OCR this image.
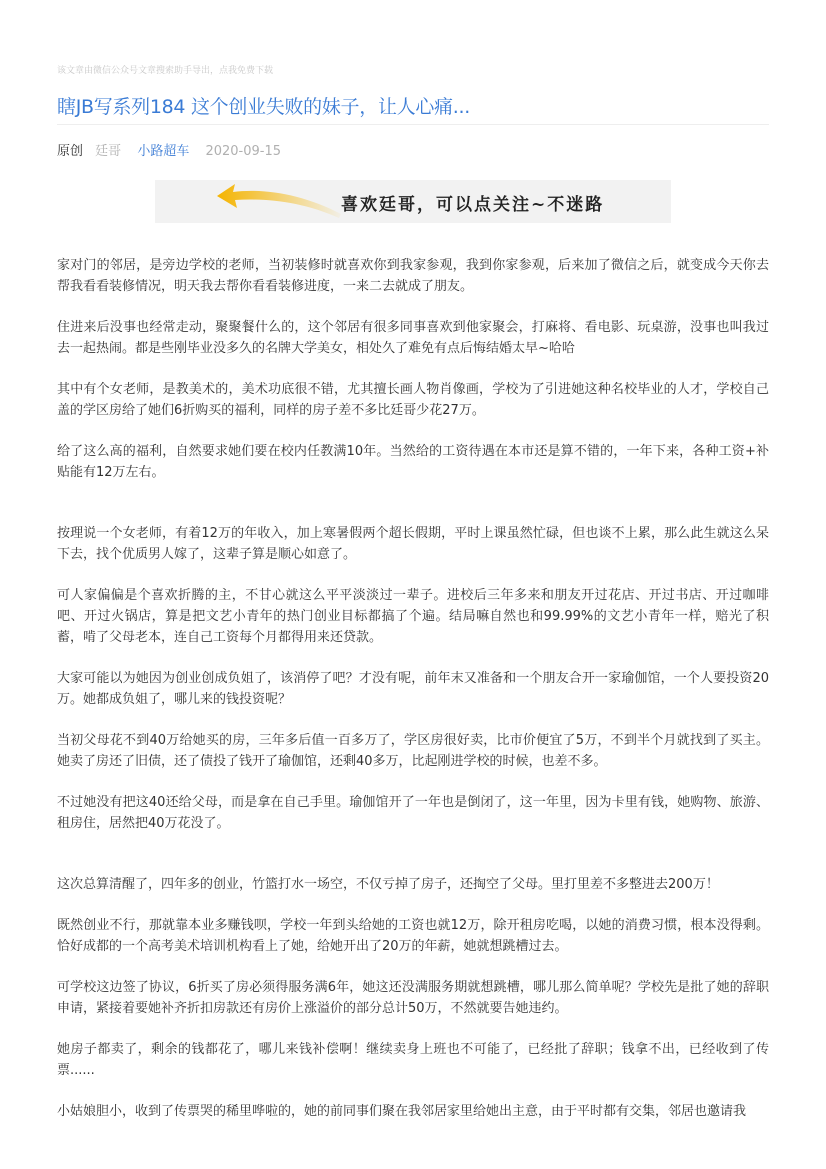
该文章由微信公众号文章搜索助手导出，点我免费下载
瞎JB写系列184 这个创业失败的妹子，让人心痛...
原创 廷哥 小路超车 2020-09-15
喜欢廷哥，可以点关注~不迷路

家对门的邻居，是旁边学校的老师，当初装修时就喜欢你到我家参观，我到你家参观，后来加了微信之后，就变成今天你去帮我看看装修情况，明天我去帮你看看装修进度，一来二去就成了朋友。

住进来后没事也经常走动，聚聚餐什么的，这个邻居有很多同事喜欢到他家聚会，打麻将、看电影、玩桌游，没事也叫我过去一起热闹。都是些刚毕业没多久的名牌大学美女，相处久了难免有点后悔结婚太早~哈哈

其中有个女老师，是教美术的，美术功底很不错，尤其擅长画人物肖像画，学校为了引进她这种名校毕业的人才，学校自己盖的学区房给了她们6折购买的福利，同样的房子差不多比廷哥少花27万。

给了这么高的福利，自然要求她们要在校内任教满10年。当然给的工资待遇在本市还是算不错的，一年下来，各种工资+补贴能有12万左右。

按理说一个女老师，有着12万的年收入，加上寒暑假两个超长假期，平时上课虽然忙碌，但也谈不上累，那么此生就这么呆下去，找个优质男人嫁了，这辈子算是顺心如意了。

可人家偏偏是个喜欢折腾的主，不甘心就这么平平淡淡过一辈子。进校后三年多来和朋友开过花店、开过书店、开过咖啡吧、开过火锅店，算是把文艺小青年的热门创业目标都搞了个遍。结局嘛自然也和99.99%的文艺小青年一样，赔光了积蓄，啃了父母老本，连自己工资每个月都得用来还贷款。

大家可能以为她因为创业创成负姐了，该消停了吧？才没有呢，前年末又准备和一个朋友合开一家瑜伽馆，一个人要投资20万。她都成负姐了，哪儿来的钱投资呢？

当初父母花不到40万给她买的房，三年多后值一百多万了，学区房很好卖，比市价便宜了5万，不到半个月就找到了买主。她卖了房还了旧债，还了债投了钱开了瑜伽馆，还剩40多万，比起刚进学校的时候，也差不多。

不过她没有把这40还给父母，而是拿在自己手里。瑜伽馆开了一年也是倒闭了，这一年里，因为卡里有钱，她购物、旅游、租房住，居然把40万花没了。

这次总算清醒了，四年多的创业，竹篮打水一场空，不仅亏掉了房子，还掏空了父母。里打里差不多整进去200万！

既然创业不行，那就靠本业多赚钱呗，学校一年到头给她的工资也就12万，除开租房吃喝，以她的消费习惯，根本没得剩。恰好成都的一个高考美术培训机构看上了她，给她开出了20万的年薪，她就想跳槽过去。

可学校这边签了协议，6折买了房必须得服务满6年，她这还没满服务期就想跳槽，哪儿那么简单呢？学校先是批了她的辞职申请，紧接着要她补齐折扣房款还有房价上涨溢价的部分总计50万，不然就要告她违约。

她房子都卖了，剩余的钱都花了，哪儿来钱补偿啊！继续卖身上班也不可能了，已经批了辞职；钱拿不出，已经收到了传票......

小姑娘胆小，收到了传票哭的稀里哗啦的，她的前同事们聚在我邻居家里给她出主意，由于平时都有交集，邻居也邀请我
